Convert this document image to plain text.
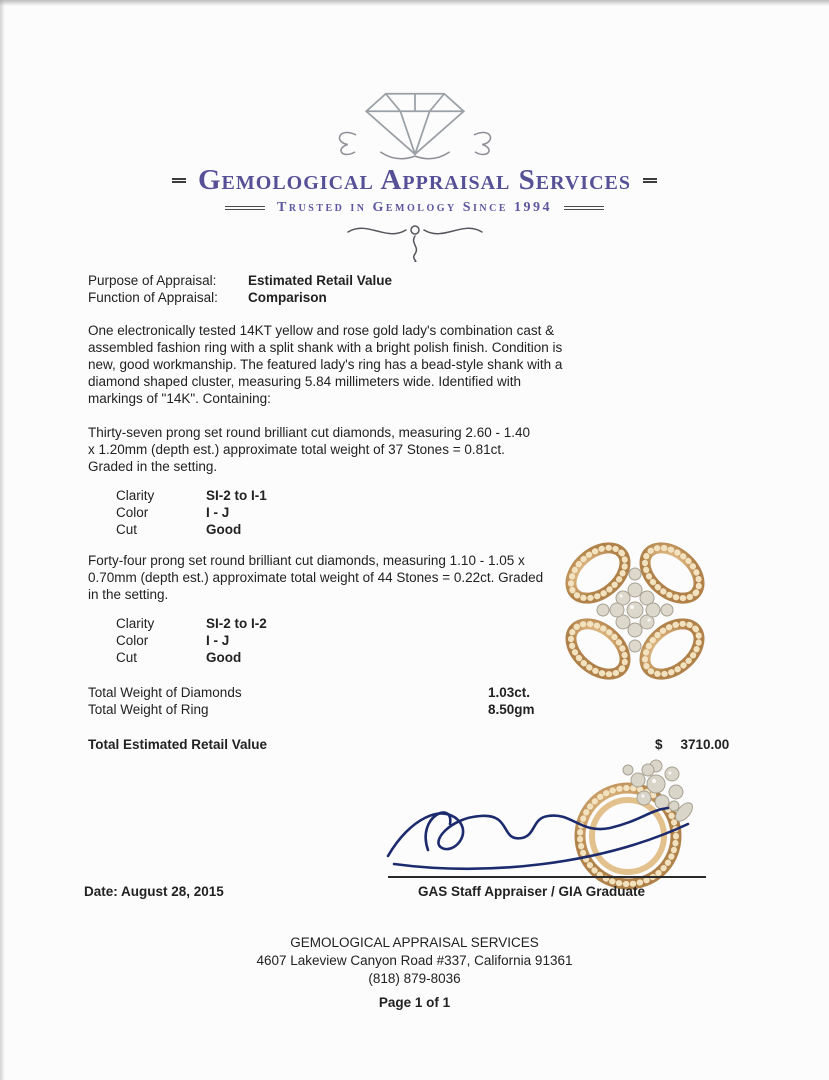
Gemological Appraisal Services
Trusted in Gemology Since 1994
Purpose of Appraisal:	Estimated Retail Value
Function of Appraisal:	Comparison

One electronically tested 14KT yellow and rose gold lady's combination cast & assembled fashion ring with a split shank with a bright polish finish. Condition is new, good workmanship. The featured lady's ring has a bead-style shank with a diamond shaped cluster, measuring 5.84 millimeters wide. Identified with markings of "14K". Containing:

Thirty-seven prong set round brilliant cut diamonds, measuring 2.60 - 1.40 x 1.20mm (depth est.) approximate total weight of 37 Stones = 0.81ct. Graded in the setting.

Clarity	SI-2 to I-1
Color	I - J
Cut	Good

Forty-four prong set round brilliant cut diamonds, measuring 1.10 - 1.05 x 0.70mm (depth est.) approximate total weight of 44 Stones = 0.22ct. Graded in the setting.

Clarity	SI-2 to I-2
Color	I - J
Cut	Good
Total Weight of Diamonds	1.03ct.
Total Weight of Ring	8.50gm
Total Estimated Retail Value	$ 3710.00
Date: August 28, 2015	GAS Staff Appraiser / GIA Graduate
GEMOLOGICAL APPRAISAL SERVICES
4607 Lakeview Canyon Road #337, California 91361
(818) 879-8036
Page 1 of 1
